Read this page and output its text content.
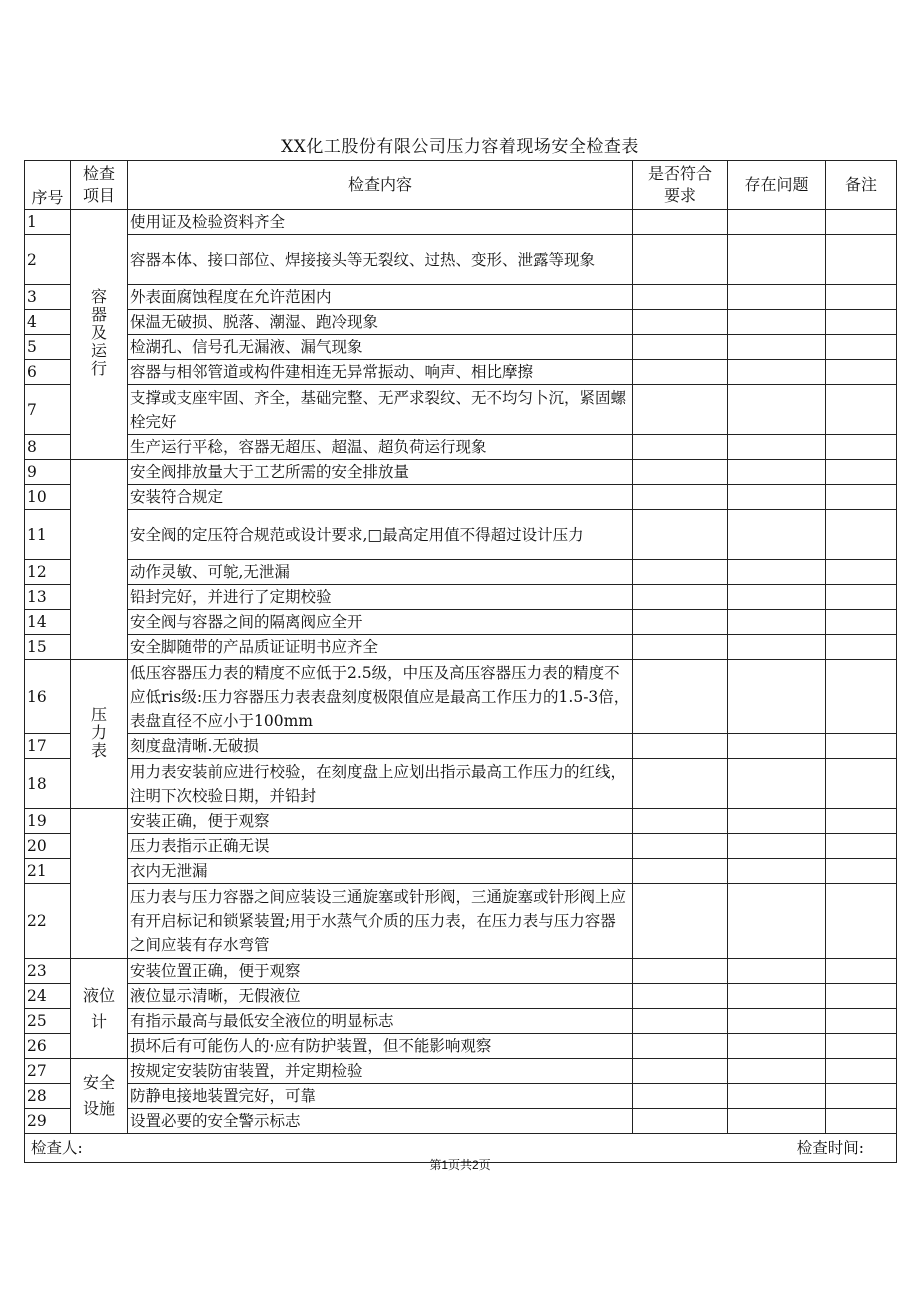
XX化工股份有限公司压力容着现场安全检查表
序号	检查项目	检查内容	是否符合要求	存在问题	备注
1	容器及运行	使用证及检验资料齐全			
2		容器本体、接口部位、焊接接头等无裂纹、过热、变形、泄露等现象			
3		外表面腐蚀程度在允许范困内			
4		保温无破损、脱落、潮湿、跑冷现象			
5		检湖孔、信号孔无漏液、漏气现象			
6		容器与相邻管道或构件建相连无异常振动、响声、相比摩擦			
7		支撑或支座牢固、齐全，基础完整、无严求裂纹、无不均匀卜沉，紧固螺栓完好			
8		生产运行平稔，容器无超压、超温、超负荷运行现象			
9		安全阀排放量大于工艺所需的安全排放量			
10		安装符合规定			
11		安全阀的定压符合规范或设计要求,□最高定用值不得超过设计压力			
12		动作灵敏、可鸵,无泄漏			
13		铅封完好，并进行了定期校验			
14		安全阀与容器之间的隔离阀应全开			
15		安全脚随带的产品质证证明书应齐全			
16	压力表	低压容器压力表的精度不应低于2.5级，中压及高压容器压力表的精度不应低ris级:压力容器压力表表盘刻度极限值应是最高工作压力的1.5-3倍，表盘直径不应小于100mm			
17		刻度盘清晰.无破损			
18		用力表安装前应进行校验，在刻度盘上应划出指示最高工作压力的红线，注明下次校验日期，并铅封			
19		安装正确，便于观察			
20		压力表指示正确无误			
21		衣内无泄漏			
22		压力表与压力容器之间应装设三通旋塞或针形阀，三通旋塞或针形阀上应有开启标记和锁紧装置;用于水蒸气介质的压力表，在压力表与压力容器之间应装有存水弯管			
23	液位计	安装位置正确，便于观察			
24		液位显示清晰，无假液位			
25		有指示最高与最低安全液位的明显标志			
26		损坏后有可能伤人的·应有防护装置，但不能影响观察			
27	安全设施	按规定安装防宙装置，并定期检验			
28		防静电接地装置完好，可靠			
29		设置必要的安全警示标志			

检查人: 检查时间:					
第1页共2页
